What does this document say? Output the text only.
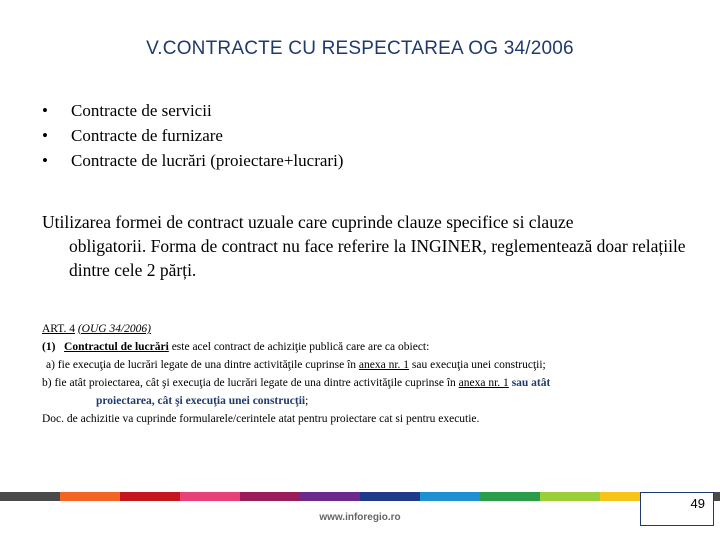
V.CONTRACTE CU RESPECTAREA OG 34/2006
•	Contracte de servicii
•	Contracte de furnizare
•	Contracte de lucrări (proiectare+lucrari)
Utilizarea formei de contract uzuale care cuprinde clauze specifice si clauze
obligatorii. Forma de contract nu face referire la INGINER, reglementează doar relațiile dintre cele 2 părți.
ART. 4 (OUG 34/2006)
(1) Contractul de lucrări este acel contract de achiziţie publică care are ca obiect:
a) fie execuţia de lucrări legate de una dintre activităţile cuprinse în anexa nr. 1 sau execuţia unei construcţii;
b) fie atât proiectarea, cât şi execuţia de lucrări legate de una dintre activităţile cuprinse în anexa nr. 1 sau atât
proiectarea, cât şi execuţia unei construcţii;
Doc. de achizitie va cuprinde formularele/cerintele atat pentru proiectare cat si pentru executie.
49
www.inforegio.ro
